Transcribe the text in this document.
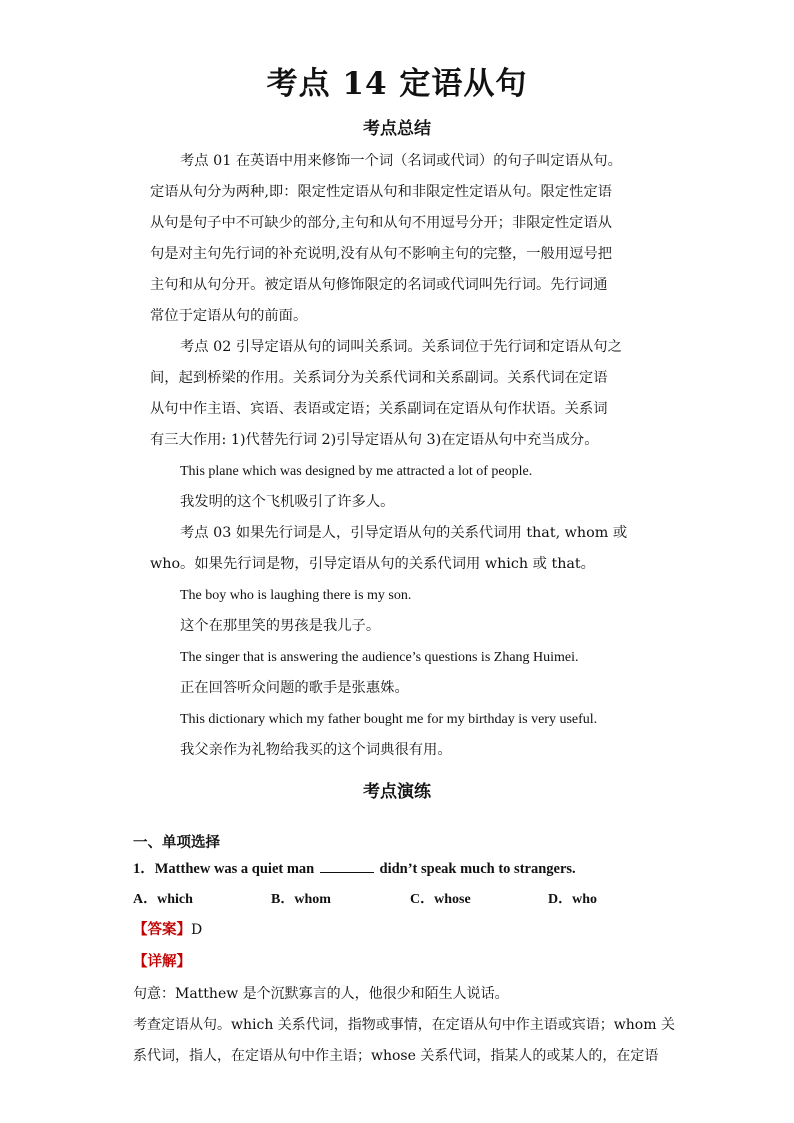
考点 14 定语从句
考点总结
考点 01 在英语中用来修饰一个词（名词或代词）的句子叫定语从句。
定语从句分为两种,即：限定性定语从句和非限定性定语从句。限定性定语
从句是句子中不可缺少的部分,主句和从句不用逗号分开；非限定性定语从
句是对主句先行词的补充说明,没有从句不影响主句的完整，一般用逗号把
主句和从句分开。被定语从句修饰限定的名词或代词叫先行词。先行词通
常位于定语从句的前面。
考点 02 引导定语从句的词叫关系词。关系词位于先行词和定语从句之
间，起到桥梁的作用。关系词分为关系代词和关系副词。关系代词在定语
从句中作主语、宾语、表语或定语；关系副词在定语从句作状语。关系词
有三大作用: 1)代替先行词 2)引导定语从句 3)在定语从句中充当成分。
This plane which was designed by me attracted a lot of people.
我发明的这个飞机吸引了许多人。
考点 03 如果先行词是人，引导定语从句的关系代词用 that, whom 或
who。如果先行词是物，引导定语从句的关系代词用 which 或 that。
The boy who is laughing there is my son.
这个在那里笑的男孩是我儿子。
The singer that is answering the audience’s questions is Zhang Huimei.
正在回答听众问题的歌手是张惠姝。
This dictionary which my father bought me for my birthday is very useful.
我父亲作为礼物给我买的这个词典很有用。
考点演练
一、单项选择
1．Matthew was a quiet man	didn’t speak much to strangers.
A．which	B．whom	C．whose	D．who
【答案】D
【详解】
句意：Matthew 是个沉默寡言的人，他很少和陌生人说话。
考查定语从句。which 关系代词，指物或事情，在定语从句中作主语或宾语；whom 关
系代词，指人，在定语从句中作主语；whose 关系代词，指某人的或某人的，在定语
